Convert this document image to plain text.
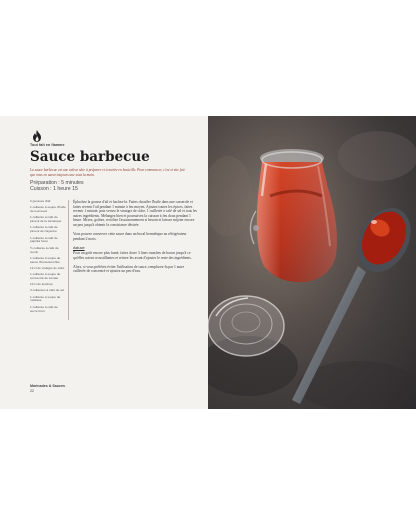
Tout fait en flamme
Sauce barbecue
La sauce barbecue est une valeur sûre à préparer et à mettre en bouteille. Pour commencer, c'est si vite fait que vous en aurez toujours une sous la main.
Préparation : 5 minutes
Cuisson : 1 heure 15
2 gousses d'ail
1 cuillerée à soupe d'huile de tournesol
1 cuillerée à café de piment de la Jamaïque
1 cuillerée à café de piment de Cayenne
1 cuillerée à café de paprika fumé
½ cuillerée à café de cumin
1 cuillerée à soupe de sauce Worcestershire
12 cl de vinaigre de cidre
1 cuillerée à soupe de concentré de tomate
10 cl de ketchup
3 cuillerées à café de sel
1 cuillerée à soupe de mélasse
1 cuillerée à café de sucre brun

Épluchez la gousse d'ail et hachez-la. Faites chauffer l'huile dans une casserole et faites revenir l'ail pendant 1 minute à feu moyen. Ajoutez toutes les épices, faites revenir 1 minute, puis versez le vinaigre de cidre, 1 cuillerée à café de sel et tous les autres ingrédients. Mélangez bien et poursuivez la cuisson à feu doux pendant 1 heure. Mixez, goûtez, rectifiez l'assaisonnement si besoin et laissez mijoter encore un peu jusqu'à obtenir la consistance désirée.

Vous pouvez conserver cette sauce dans un bocal hermétique au réfrigérateur pendant 2 mois.

Astuce

Pour un goût encore plus fumé, faites dorer 3 fines tranches de bacon jusqu'à ce qu'elles soient croustillantes et retirez-les avant d'ajouter le reste des ingrédients.

Alors, si vous préférez éviter l'utilisation de sauce, remplacez-la par 1 autre cuillerée de concentré et ajoutez un peu d'eau.

Marinades & Sauces
22
